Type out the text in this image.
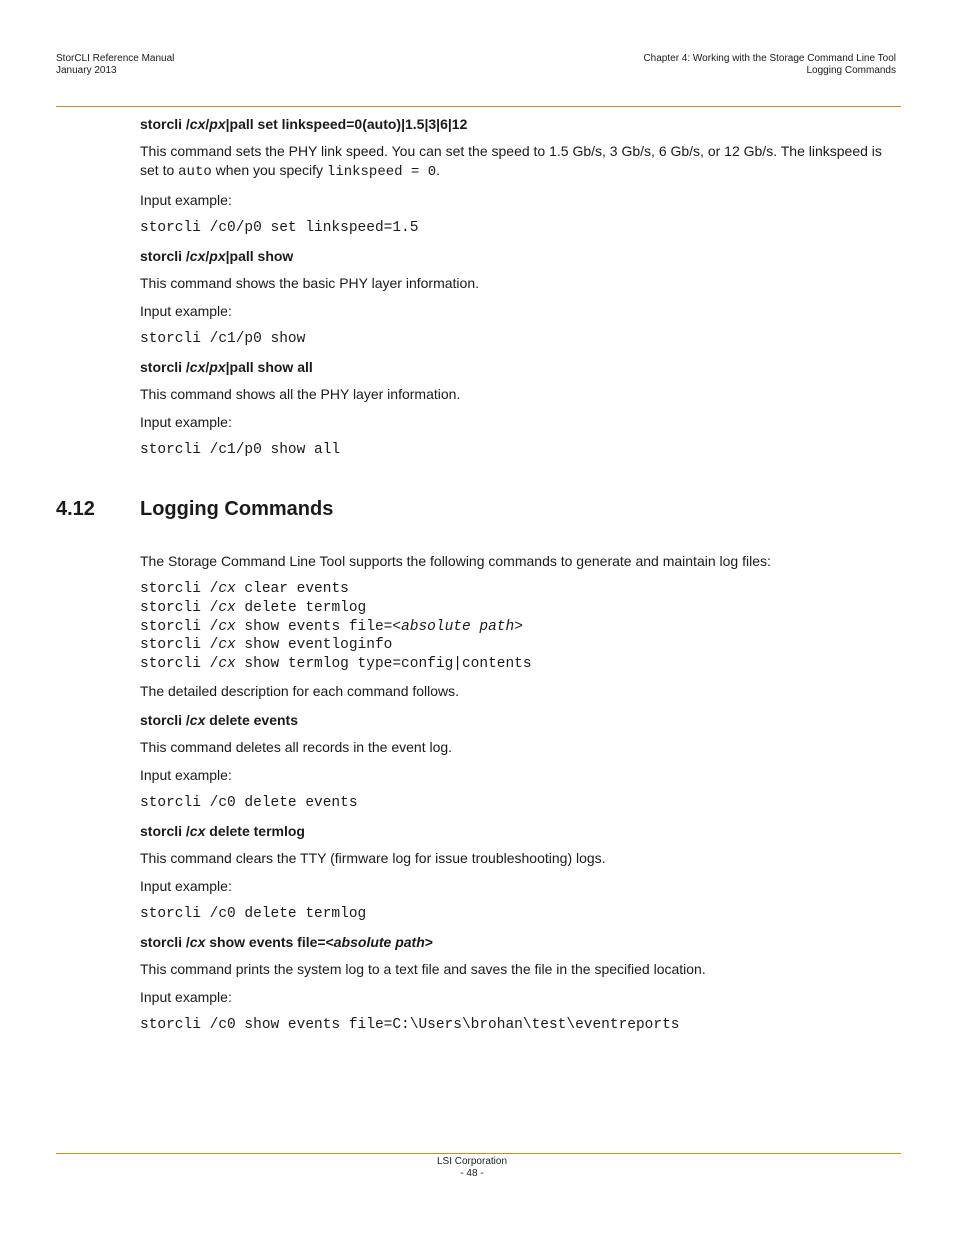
StorCLI Reference Manual
January 2013
Chapter 4: Working with the Storage Command Line Tool
Logging Commands
storcli /cx/px|pall set linkspeed=0(auto)|1.5|3|6|12
This command sets the PHY link speed. You can set the speed to 1.5 Gb/s, 3 Gb/s, 6 Gb/s, or 12 Gb/s. The linkspeed is set to auto when you specify linkspeed = 0.
Input example:
storcli /c0/p0 set linkspeed=1.5
storcli /cx/px|pall show
This command shows the basic PHY layer information.
Input example:
storcli /c1/p0 show
storcli /cx/px|pall show all
This command shows all the PHY layer information.
Input example:
storcli /c1/p0 show all
4.12 Logging Commands
The Storage Command Line Tool supports the following commands to generate and maintain log files:
storcli /cx clear events
storcli /cx delete termlog
storcli /cx show events file=<absolute path>
storcli /cx show eventloginfo
storcli /cx show termlog type=config|contents
The detailed description for each command follows.
storcli /cx delete events
This command deletes all records in the event log.
Input example:
storcli /c0 delete events
storcli /cx delete termlog
This command clears the TTY (firmware log for issue troubleshooting) logs.
Input example:
storcli /c0 delete termlog
storcli /cx show events file=<absolute path>
This command prints the system log to a text file and saves the file in the specified location.
Input example:
storcli /c0 show events file=C:\Users\brohan\test\eventreports
LSI Corporation
- 48 -
